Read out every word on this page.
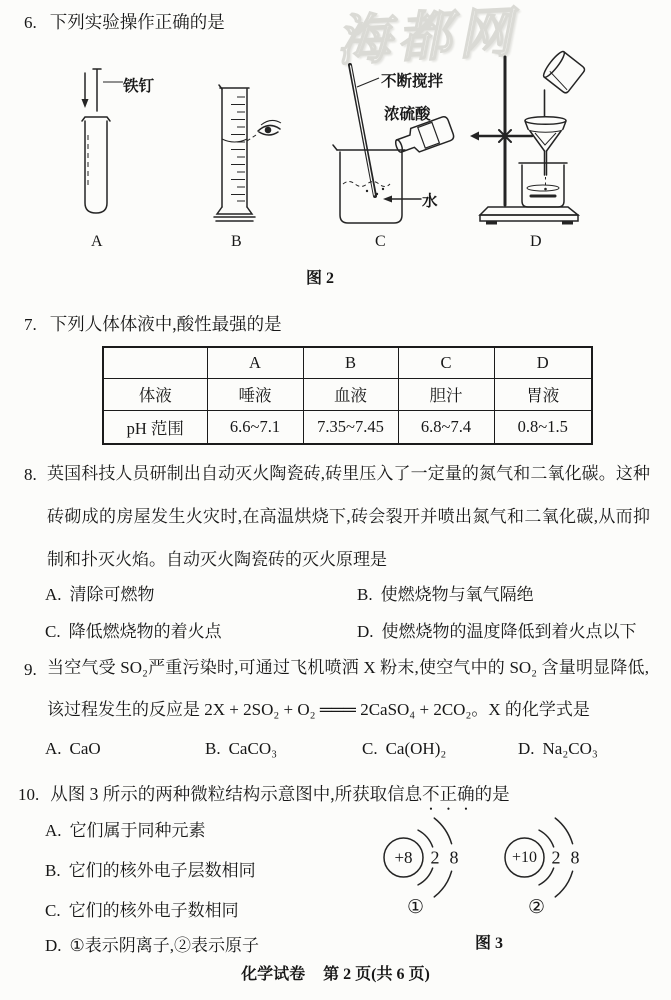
海都网
6. 下列实验操作正确的是
铁钉	不断搅拌
浓硫酸
水
A	B	C	D
图 2
7. 下列人体体液中,酸性最强的是
	A	B	C	D
体液	唾液	血液	胆汁	胃液
pH 范围	6.6~7.1	7.35~7.45	6.8~7.4	0.8~1.5
8. 英国科技人员研制出自动灭火陶瓷砖,砖里压入了一定量的氮气和二氧化碳。这种砖砌成的房屋发生火灾时,在高温烘烧下,砖会裂开并喷出氮气和二氧化碳,从而抑制和扑灭火焰。自动灭火陶瓷砖的灭火原理是
A. 清除可燃物	B. 使燃烧物与氧气隔绝
C. 降低燃烧物的着火点	D. 使燃烧物的温度降低到着火点以下
9. 当空气受 SO₂严重污染时,可通过飞机喷洒 X 粉末,使空气中的 SO₂ 含量明显降低,该过程发生的反应是 2X + 2SO₂ + O₂ ═══ 2CaSO₄ + 2CO₂。X 的化学式是
A. CaO	B. CaCO₃	C. Ca(OH)₂	D. Na₂CO₃
10. 从图 3 所示的两种微粒结构示意图中,所获取信息不正确的是
A. 它们属于同种元素
B. 它们的核外电子层数相同
C. 它们的核外电子数相同
D. ①表示阴离子,②表示原子
+8 2 8	+10 2 8
①	②
图 3
化学试卷 第 2 页(共 6 页)
